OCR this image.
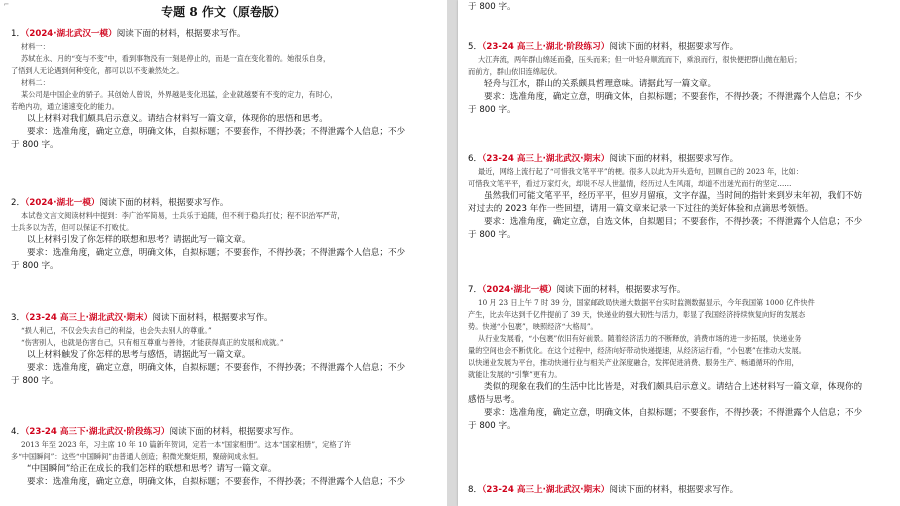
⌐
专题 8 作文（原卷版）
1．（2024·湖北武汉一模）阅读下面的材料，根据要求写作。
材料一：
苏轼在永、月的“变与不变”中，看到事物没有一刻是停止的，而是一直在变化着的。她很乐自身，
了悟到人无论遇到何种变化，都可以以不变兼然处之。
材料二：
某公司是中国企业的骄子。其创始人曾说，外界越是变化迅猛，企业就越要有不变的定力，有时心，
若绝内功，通立速速变化的能力。
以上材料对我们颇具启示意义。请结合材料写一篇文章，体现你的思悟和思考。
要求：选准角度，确定立意，明确文体，自拟标题；不要套作，不得抄袭；不得泄露个人信息；不少
于 800 字。
2．（2024·湖北一模）阅读下面的材料，根据要求写作。
本试卷文言文阅读材料中提到：李广治军简易，士兵乐于追随，但不利于稳兵打仗；程不识治军严苛，
士兵多以为苦，但可以保证不打败仗。
以上材料引发了你怎样的联想和思考？请据此写一篇文章。
要求：选准角度，确定立意，明确文体，自拟标题；不要套作，不得抄袭；不得泄露个人信息；不少
于 800 字。
3．（23-24 高三上·湖北武汉·期末）阅读下面材料，根据要求写作。
“损人利己，不仅会失去自己的利益，也会失去别人的尊重。”
“伤害别人，也就是伤害自己，只有相互尊重与善待，才能获得真正的发展和成就。”
以上材料触发了你怎样的思考与感悟，请据此写一篇文章。
要求：选准角度，确定立意，明确文体，自拟标题；不要套作，不得抄袭；不得泄露个人信息；不少
于 800 字。
4．（23-24 高三下·湖北武汉·阶段练习）阅读下面的材料，根据要求写作。
2013 年至 2023 年，习主席 10 年 10 篇新年贺词，定若一本“国家相册”。这本“国家相册”，定格了许
多“中国瞬间”：这些“中国瞬间”由普通人创造；积微光聚炬照，聚磅间成永恒。
“中国瞬间”给正在成长的我们怎样的联想和思考？请写一篇文章。
要求：选准角度，确定立意，明确文体，自拟标题；不要套作，不得抄袭；不得泄露个人信息；不少
于 800 字。
5．（23-24 高三上·湖北·阶段练习）阅读下面的材料，根据要求写作。
大江奔流，两年群山绵延而叠，压头而来；但一叶轻舟顺流而下，乘浪而行，很快便把群山抛在船后；
而前方，群山依旧连绵起伏。
轻舟与江水，群山的关系颇具哲理意味。请据此写一篇文章。
要求：选准角度，确定立意，明确文体，自拟标题；不要套作，不得抄袭；不得泄露个人信息；不少
于 800 字。
6．（23-24 高三上·湖北武汉·期末）阅读下面的材料，根据要求写作。
最近，网络上流行起了“可惜我文笔平平”的梗。很多人以此为开头造句，回顾自己的 2023 年，比如：
可惜我文笔平平，看过万家灯火，却说不尽人世温情，经历过人生风雨，却道不出迷光而行的坚定……
虽然我们可能文笔平平，经历平平，但岁月留痕，文字存温，当时间的指针来到岁末年初，我们不妨
对过去的 2023 年作一些回望，请用一篇文章来记录一下过往的美好体验和点滴思考领悟。
要求：选准角度，确定立意，自选文体，自拟题目；不要套作，不得抄袭；不得泄露个人信息；不少
于 800 字。
7．（2024·湖北一模）阅读下面的材料，根据要求写作。
10 月 23 日上午 7 时 39 分，国家邮政局快递大数据平台实时监测数据显示，今年我国第 1000 亿件快件
产生，比去年达到千亿件提前了 39 天，快递业的强大韧性与活力，彰显了我国经济持续恢复向好的发展态
势。快递“小包裹”，映照经济“大格局”。
从行业发展看，“小包裹”依旧有好前景。随着经济活力的不断释放，消费市场的进一步拓展，快递业务
量的空间也会不断优化。在这个过程中，经济向好带动快递提速，从经济运行看，“小包裹”在推动大发展。
以快递业发展为平台，推动快递行业与相关产业深度融合，发挥促进消费、服务生产、畅通循环的作用，
就能让发展的“引擎”更有力。
类似的现象在我们的生活中比比皆是，对我们颇具启示意义。请结合上述材料写一篇文章，体现你的
感悟与思考。
要求：选准角度，确定立意，明确文体，自拟标题；不要套作，不得抄袭；不得泄露个人信息；不少
于 800 字。
8．（23-24 高三上·湖北武汉·期末）阅读下面的材料，根据要求写作。
